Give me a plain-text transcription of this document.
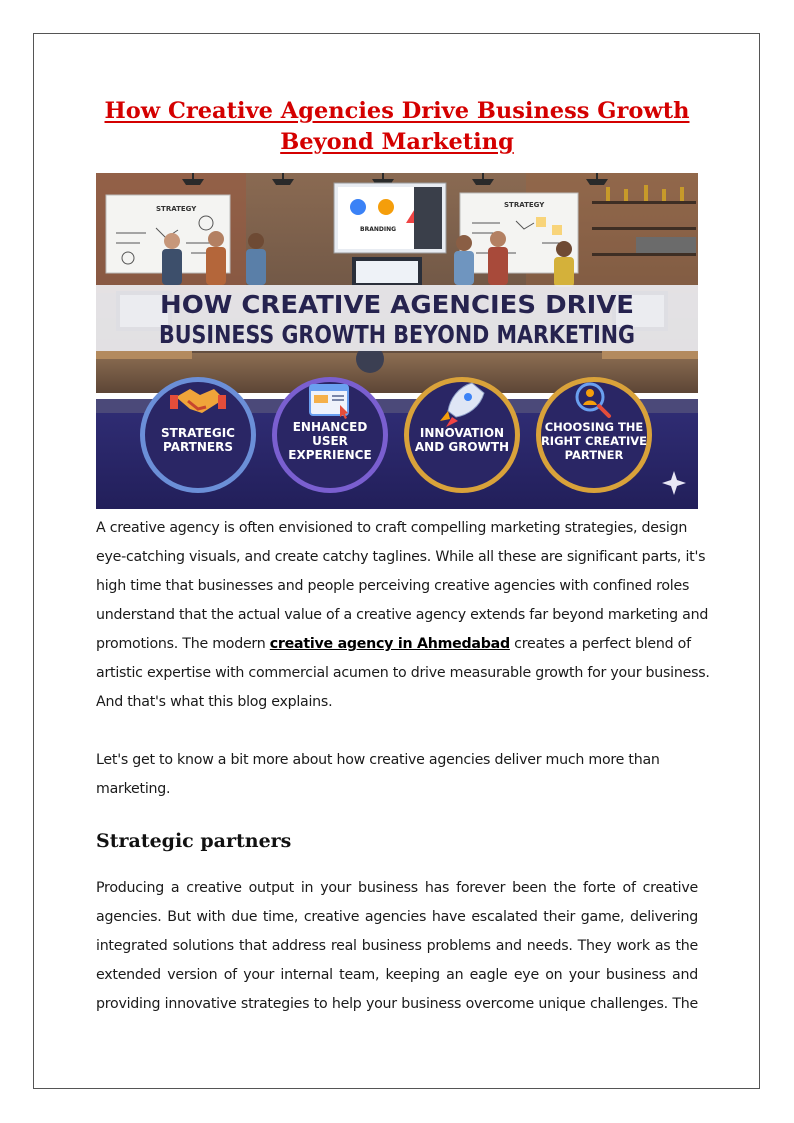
How Creative Agencies Drive Business Growth
Beyond Marketing
STRATEGY
BRANDING
STRATEGY
HOW CREATIVE AGENCIES DRIVE
BUSINESS GROWTH BEYOND MARKETING
STRATEGIC
PARTNERS
ENHANCED
USER
EXPERIENCE
INNOVATION
AND GROWTH
CHOOSING THE
RIGHT CREATIVE
PARTNER

A creative agency is often envisioned to craft compelling marketing strategies, design
eye-catching visuals, and create catchy taglines. While all these are significant parts, it's
high time that businesses and people perceiving creative agencies with confined roles
understand that the actual value of a creative agency extends far beyond marketing and
promotions. The modern creative agency in Ahmedabad creates a perfect blend of
artistic expertise with commercial acumen to drive measurable growth for your business.
And that's what this blog explains.

Let's get to know a bit more about how creative agencies deliver much more than
marketing.

Strategic partners

Producing a creative output in your business has forever been the forte of creative
agencies. But with due time, creative agencies have escalated their game, delivering
integrated solutions that address real business problems and needs. They work as the
extended version of your internal team, keeping an eagle eye on your business and
providing innovative strategies to help your business overcome unique challenges. The
